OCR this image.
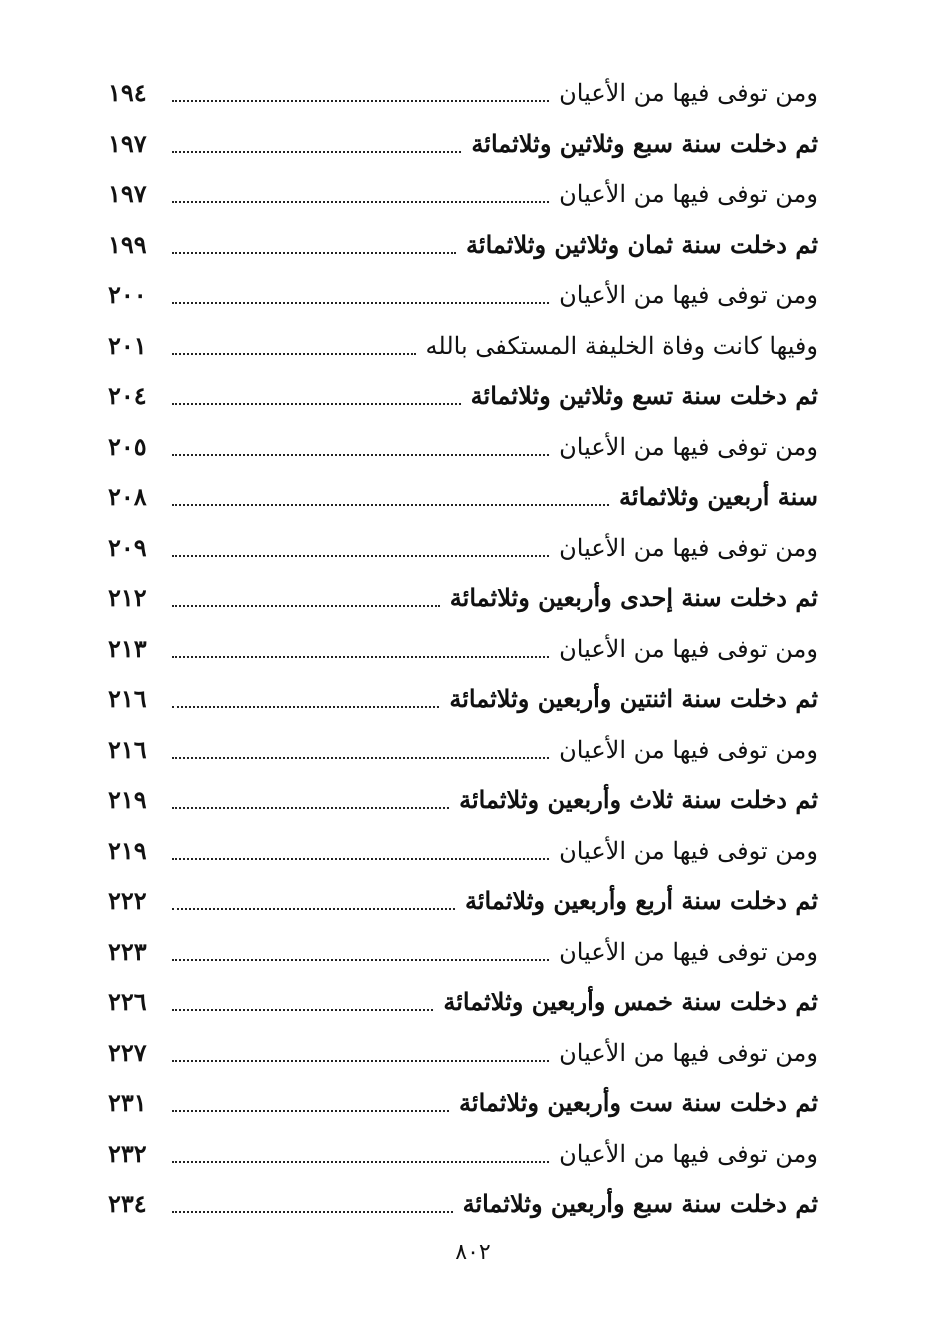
ومن توفى فيها من الأعيان
١٩٤
ثم دخلت سنة سبع وثلاثين وثلاثمائة
١٩٧
ومن توفى فيها من الأعيان
١٩٧
ثم دخلت سنة ثمان وثلاثين وثلاثمائة
١٩٩
ومن توفى فيها من الأعيان
٢٠٠
وفيها كانت وفاة الخليفة المستكفى بالله
٢٠١
ثم دخلت سنة تسع وثلاثين وثلاثمائة
٢٠٤
ومن توفى فيها من الأعيان
٢٠٥
سنة أربعين وثلاثمائة
٢٠٨
ومن توفى فيها من الأعيان
٢٠٩
ثم دخلت سنة إحدى وأربعين وثلاثمائة
٢١٢
ومن توفى فيها من الأعيان
٢١٣
ثم دخلت سنة اثنتين وأربعين وثلاثمائة
٢١٦
ومن توفى فيها من الأعيان
٢١٦
ثم دخلت سنة ثلاث وأربعين وثلاثمائة
٢١٩
ومن توفى فيها من الأعيان
٢١٩
ثم دخلت سنة أربع وأربعين وثلاثمائة
٢٢٢
ومن توفى فيها من الأعيان
٢٢٣
ثم دخلت سنة خمس وأربعين وثلاثمائة
٢٢٦
ومن توفى فيها من الأعيان
٢٢٧
ثم دخلت سنة ست وأربعين وثلاثمائة
٢٣١
ومن توفى فيها من الأعيان
٢٣٢
ثم دخلت سنة سبع وأربعين وثلاثمائة
٢٣٤
٨٠٢
